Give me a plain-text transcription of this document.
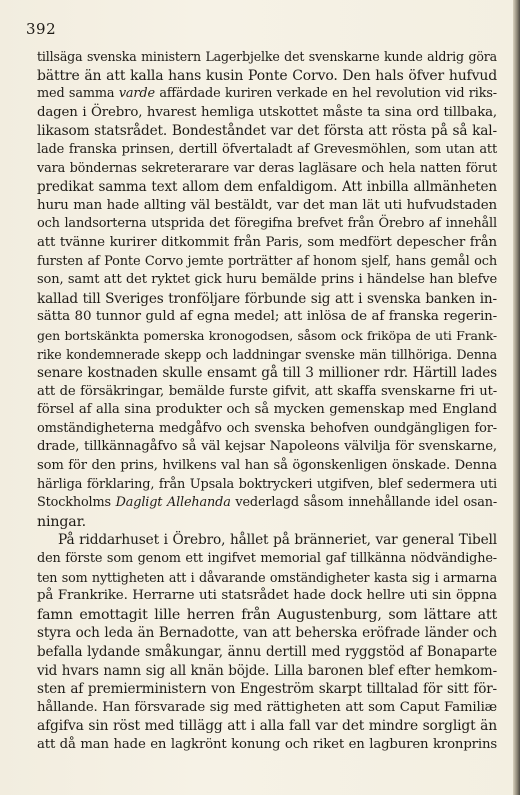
392
tillsäga svenska ministern Lagerbjelke det svenskarne kunde aldrig göra
bättre än att kalla hans kusin Ponte Corvo. Den hals öfver hufvud
med samma varde affärdade kuriren verkade en hel revolution vid riks-
dagen i Örebro, hvarest hemliga utskottet måste ta sina ord tillbaka,
likasom statsrådet. Bondeståndet var det första att rösta på så kal-
lade franska prinsen, dertill öfvertaladt af Grevesmöhlen, som utan att
vara böndernas sekreterarare var deras lagläsare och hela natten förut
predikat samma text allom dem enfaldigom. Att inbilla allmänheten
huru man hade allting väl bestäldt, var det man lät uti hufvudstaden
och landsorterna utsprida det föregifna brefvet från Örebro af innehåll
att tvänne kurirer ditkommit från Paris, som medfört depescher från
fursten af Ponte Corvo jemte porträtter af honom sjelf, hans gemål och
son, samt att det ryktet gick huru bemälde prins i händelse han blefve
kallad till Sveriges tronföljare förbunde sig att i svenska banken in-
sätta 80 tunnor guld af egna medel; att inlösa de af franska regerin-
gen bortskänkta pomerska kronogodsen, såsom ock friköpa de uti Frank-
rike kondemnerade skepp och laddningar svenske män tillhöriga. Denna
senare kostnaden skulle ensamt gå till 3 millioner rdr. Härtill lades
att de försäkringar, bemälde furste gifvit, att skaffa svenskarne fri ut-
försel af alla sina produkter och så mycken gemenskap med England
omständigheterna medgåfvo och svenska behofven oundgängligen for-
drade, tillkännagåfvo så väl kejsar Napoleons välvilja för svenskarne,
som för den prins, hvilkens val han så ögonskenligen önskade. Denna
härliga förklaring, från Upsala boktryckeri utgifven, blef sedermera uti
Stockholms Dagligt Allehanda vederlagd såsom innehållande idel osan-
ningar.
På riddarhuset i Örebro, hållet på bränneriet, var general Tibell
den förste som genom ett ingifvet memorial gaf tillkänna nödvändighe-
ten som nyttigheten att i dåvarande omständigheter kasta sig i armarna
på Frankrike. Herrarne uti statsrådet hade dock hellre uti sin öppna
famn emottagit lille herren från Augustenburg, som lättare att
styra och leda än Bernadotte, van att beherska eröfrade länder och
befalla lydande småkungar, ännu dertill med ryggstöd af Bonaparte
vid hvars namn sig all knän böjde. Lilla baronen blef efter hemkom-
sten af premierministern von Engeström skarpt tilltalad för sitt för-
hållande. Han försvarade sig med rättigheten att som Caput Familiæ
afgifva sin röst med tillägg att i alla fall var det mindre sorgligt än
att då man hade en lagkrönt konung och riket en lagburen kronprins
